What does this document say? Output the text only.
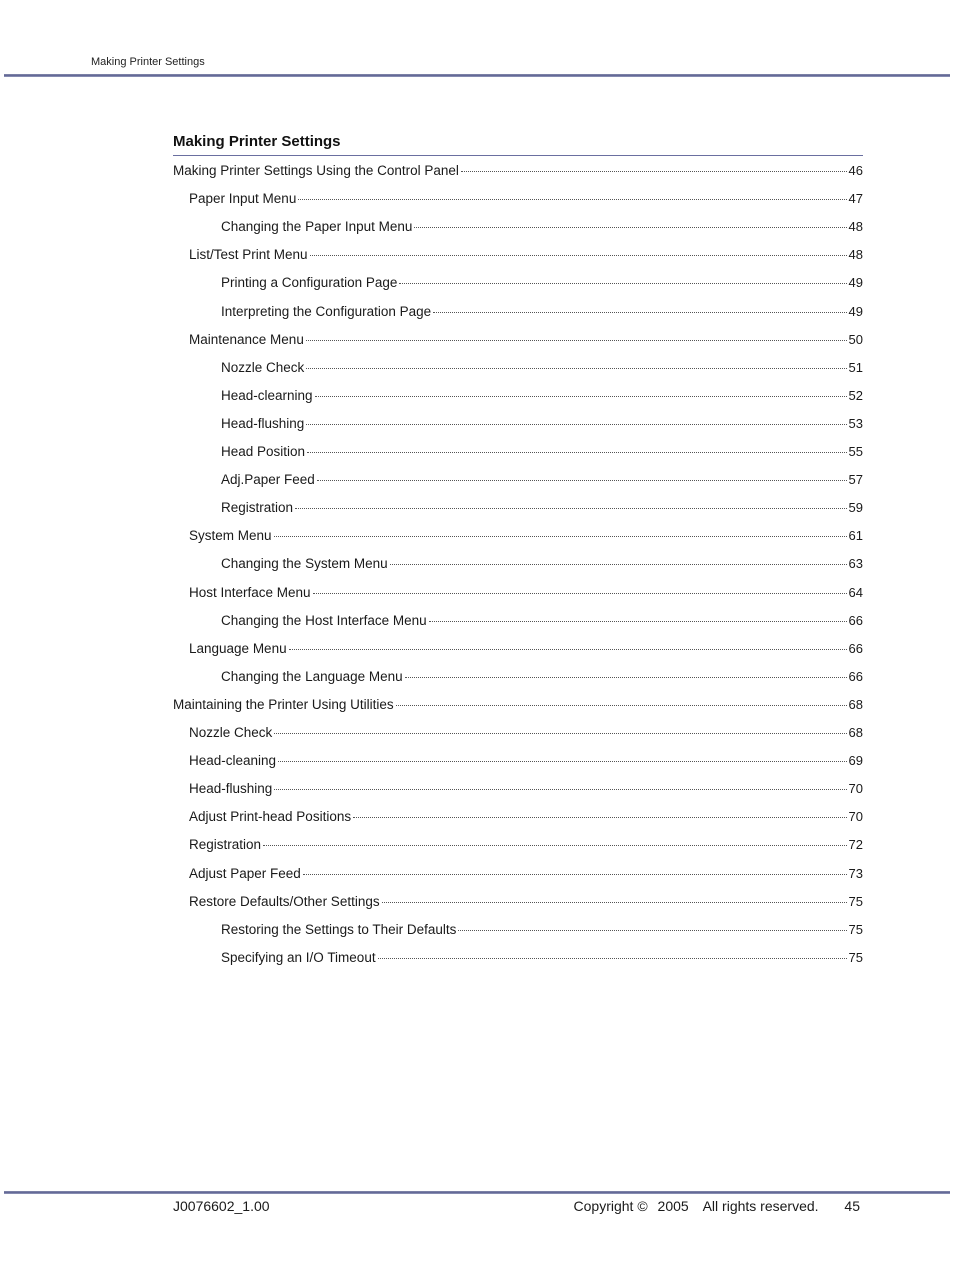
Making Printer Settings
Making Printer Settings
Making Printer Settings Using the Control Panel	46
Paper Input Menu	47
Changing the Paper Input Menu	48
List/Test Print Menu	48
Printing a Configuration Page	49
Interpreting the Configuration Page	49
Maintenance Menu	50
Nozzle Check	51
Head-clearning	52
Head-flushing	53
Head Position	55
Adj.Paper Feed	57
Registration	59
System Menu	61
Changing the System Menu	63
Host Interface Menu	64
Changing the Host Interface Menu	66
Language Menu	66
Changing the Language Menu	66
Maintaining the Printer Using Utilities	68
Nozzle Check	68
Head-cleaning	69
Head-flushing	70
Adjust Print-head Positions	70
Registration	72
Adjust Paper Feed	73
Restore Defaults/Other Settings	75
Restoring the Settings to Their Defaults	75
Specifying an I/O Timeout	75
J0076602_1.00	Copyright © 2005 All rights reserved. 45
